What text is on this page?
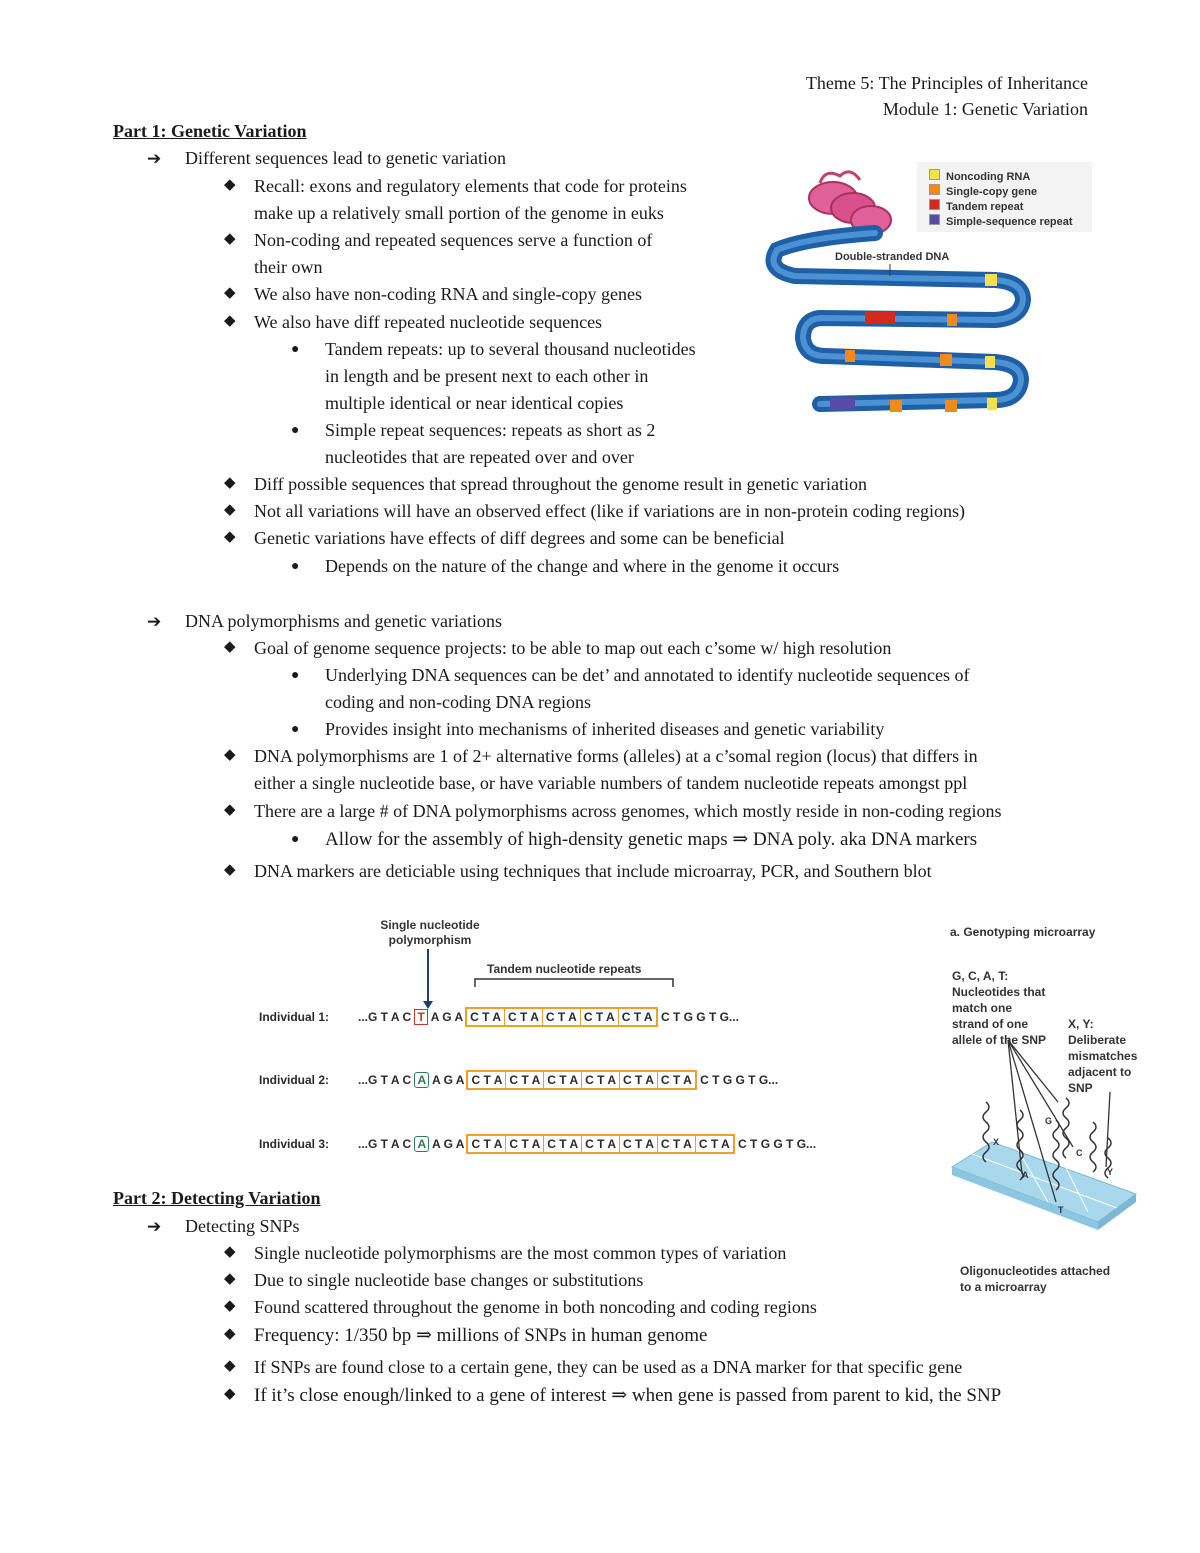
Theme 5: The Principles of Inheritance
Module 1: Genetic Variation
Part 1: Genetic Variation
➔ Different sequences lead to genetic variation
◆ Recall: exons and regulatory elements that code for proteins
make up a relatively small portion of the genome in euks
◆ Non-coding and repeated sequences serve a function of
their own
◆ We also have non-coding RNA and single-copy genes
◆ We also have diff repeated nucleotide sequences
● Tandem repeats: up to several thousand nucleotides
in length and be present next to each other in
multiple identical or near identical copies
● Simple repeat sequences: repeats as short as 2
nucleotides that are repeated over and over
◆ Diff possible sequences that spread throughout the genome result in genetic variation
◆ Not all variations will have an observed effect (like if variations are in non-protein coding regions)
◆ Genetic variations have effects of diff degrees and some can be beneficial
● Depends on the nature of the change and where in the genome it occurs
➔ DNA polymorphisms and genetic variations
◆ Goal of genome sequence projects: to be able to map out each c’some w/ high resolution
● Underlying DNA sequences can be det’ and annotated to identify nucleotide sequences of
coding and non-coding DNA regions
● Provides insight into mechanisms of inherited diseases and genetic variability
◆ DNA polymorphisms are 1 of 2+ alternative forms (alleles) at a c’somal region (locus) that differs in
either a single nucleotide base, or have variable numbers of tandem nucleotide repeats amongst ppl
◆ There are a large # of DNA polymorphisms across genomes, which mostly reside in non-coding regions
● Allow for the assembly of high-density genetic maps ⇒ DNA poly. aka DNA markers
◆ DNA markers are deticiable using techniques that include microarray, PCR, and Southern blot
Noncoding RNA
Single-copy gene
Tandem repeat
Simple-sequence repeat
Double-stranded DNA
Single nucleotide
polymorphism
Tandem nucleotide repeats
Individual 1: ...G T A C T A G A C T A C T A C T A C T A C T A C T G G T G...
Individual 2: ...G T A C A A G A C T A C T A C T A C T A C T A C T A C T G G T G...
Individual 3: ...G T A C A A G A C T A C T A C T A C T A C T A C T A C T A C T G G T G...
a. Genotyping microarray
G, C, A, T:
Nucleotides that
match one
strand of one
allele of the SNP
X, Y:
Deliberate
mismatches
adjacent to SNP
X
A
G
T
C
Y
Oligonucleotides attached
to a microarray
Part 2: Detecting Variation
➔ Detecting SNPs
◆ Single nucleotide polymorphisms are the most common types of variation
◆ Due to single nucleotide base changes or substitutions
◆ Found scattered throughout the genome in both noncoding and coding regions
◆ Frequency: 1/350 bp ⇒ millions of SNPs in human genome
◆ If SNPs are found close to a certain gene, they can be used as a DNA marker for that specific gene
◆ If it’s close enough/linked to a gene of interest ⇒ when gene is passed from parent to kid, the SNP
